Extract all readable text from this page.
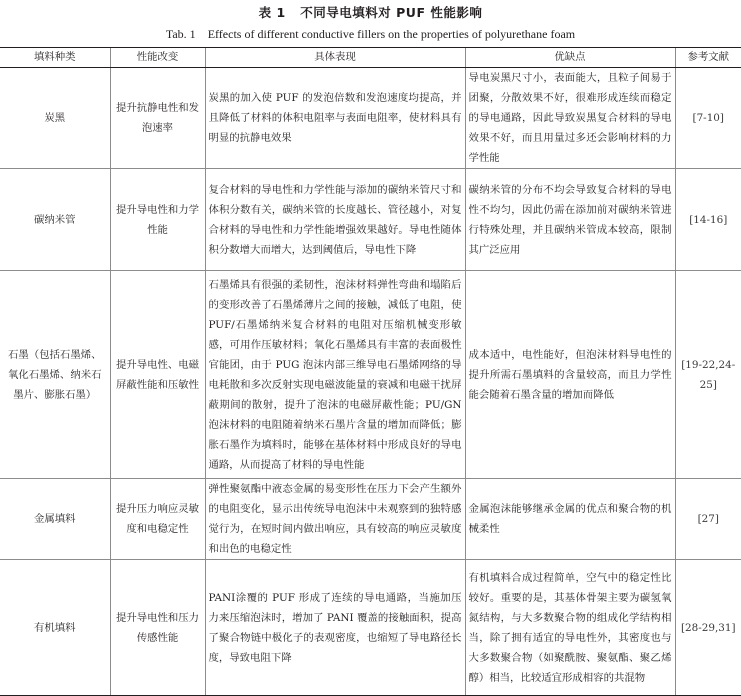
表 1 不同导电填料对 PUF 性能影响
Tab. 1 Effects of different conductive fillers on the properties of polyurethane foam
填料种类	性能改变	具体表现	优缺点	参考文献
炭黑	提升抗静电性和发泡速率	炭黑的加入使 PUF 的发泡倍数和发泡速度均提高，并且降低了材料的体积电阻率与表面电阻率，使材料具有明显的抗静电效果	导电炭黑尺寸小，表面能大，且粒子间易于团聚，分散效果不好，很难形成连续而稳定的导电通路，因此导致炭黑复合材料的导电效果不好，而且用量过多还会影响材料的力学性能	[7-10]
碳纳米管	提升导电性和力学性能	复合材料的导电性和力学性能与添加的碳纳米管尺寸和体积分数有关，碳纳米管的长度越长、管径越小，对复合材料的导电性和力学性能增强效果越好。导电性随体积分数增大而增大，达到阈值后，导电性下降	碳纳米管的分布不均会导致复合材料的导电性不均匀，因此仍需在添加前对碳纳米管进行特殊处理，并且碳纳米管成本较高，限制其广泛应用	[14-16]
石墨（包括石墨烯、氧化石墨烯、纳米石墨片、膨胀石墨）	提升导电性、电磁屏蔽性能和压敏性	石墨烯具有很强的柔韧性，泡沫材料弹性弯曲和塌陷后的变形改善了石墨烯薄片之间的接触，减低了电阻，使 PUF/石墨烯纳米复合材料的电阻对压缩机械变形敏感，可用作压敏材料；氧化石墨烯具有丰富的表面极性官能团，由于 PUG 泡沫内部三维导电石墨烯网络的导电耗散和多次反射实现电磁波能量的衰减和电磁干扰屏蔽期间的散射，提升了泡沫的电磁屏蔽性能；PU/GN 泡沫材料的电阻随着纳米石墨片含量的增加而降低；膨胀石墨作为填料时，能够在基体材料中形成良好的导电通路，从而提高了材料的导电性能	成本适中，电性能好，但泡沫材料导电性的提升所需石墨填料的含量较高，而且力学性能会随着石墨含量的增加而降低	[19-22,24-25]
金属填料	提升压力响应灵敏度和电稳定性	弹性聚氨酯中液态金属的易变形性在压力下会产生额外的电阻变化，显示出传统导电泡沫中未观察到的独特感觉行为，在短时间内做出响应，具有较高的响应灵敏度和出色的电稳定性	金属泡沫能够继承金属的优点和聚合物的机械柔性	[27]
有机填料	提升导电性和压力传感性能	PANI涂覆的 PUF 形成了连续的导电通路，当施加压力来压缩泡沫时，增加了 PANI 覆盖的接触面积，提高了聚合物链中极化子的表观密度，也缩短了导电路径长度，导致电阻下降	有机填料合成过程简单，空气中的稳定性比较好。重要的是，其基体骨架主要为碳氢氧氮结构，与大多数聚合物的组成化学结构相当，除了拥有适宜的导电性外，其密度也与大多数聚合物（如聚酰胺、聚氨酯、聚乙烯醇）相当，比较适宜形成相容的共混物	[28-29,31]
